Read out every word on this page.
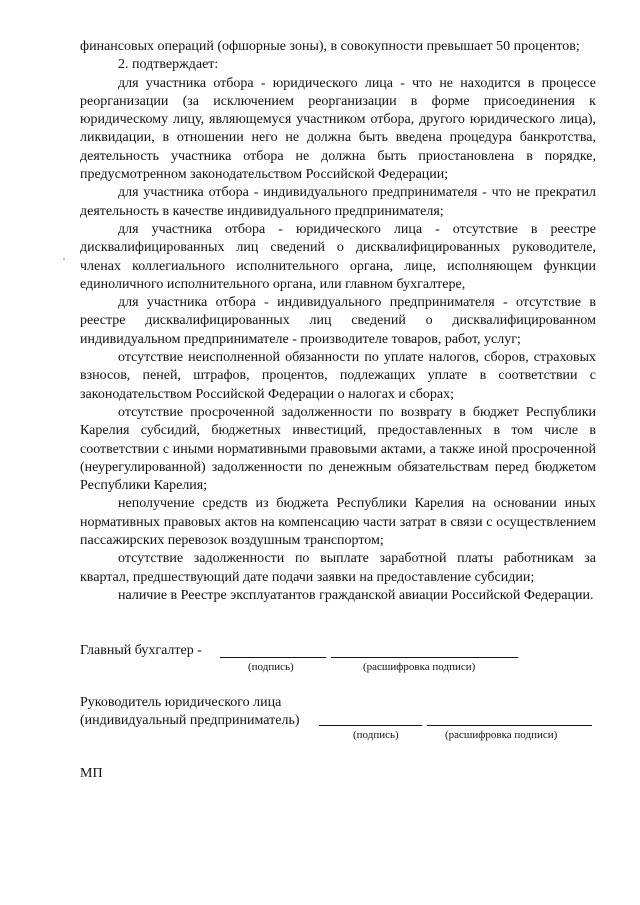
финансовых операций (офшорные зоны), в совокупности превышает 50 процентов;

2. подтверждает:

для участника отбора - юридического лица - что не находится в процессе реорганизации (за исключением реорганизации в форме присоединения к юридическому лицу, являющемуся участником отбора, другого юридического лица), ликвидации, в отношении него не должна быть введена процедура банкротства, деятельность участника отбора не должна быть приостановлена в порядке, предусмотренном законодательством Российской Федерации;

для участника отбора - индивидуального предпринимателя - что не прекратил деятельность в качестве индивидуального предпринимателя;

для участника отбора - юридического лица - отсутствие в реестре дисквалифицированных лиц сведений о дисквалифицированных руководителе, членах коллегиального исполнительного органа, лице, исполняющем функции единоличного исполнительного органа, или главном бухгалтере,

для участника отбора - индивидуального предпринимателя - отсутствие в реестре дисквалифицированных лиц сведений о дисквалифицированном индивидуальном предпринимателе - производителе товаров, работ, услуг;

отсутствие неисполненной обязанности по уплате налогов, сборов, страховых взносов, пеней, штрафов, процентов, подлежащих уплате в соответствии с законодательством Российской Федерации о налогах и сборах;

отсутствие просроченной задолженности по возврату в бюджет Республики Карелия субсидий, бюджетных инвестиций, предоставленных в том числе в соответствии с иными нормативными правовыми актами, а также иной просроченной (неурегулированной) задолженности по денежным обязательствам перед бюджетом Республики Карелия;

неполучение средств из бюджета Республики Карелия на основании иных нормативных правовых актов на компенсацию части затрат в связи с осуществлением пассажирских перевозок воздушным транспортом;

отсутствие задолженности по выплате заработной платы работникам за квартал, предшествующий дате подачи заявки на предоставление субсидии;

наличие в Реестре эксплуатантов гражданской авиации Российской Федерации.

Главный бухгалтер -
(подпись)	(расшифровка подписи)
Руководитель юридического лица
(индивидуальный предприниматель)
(подпись)	(расшифровка подписи)
МП
